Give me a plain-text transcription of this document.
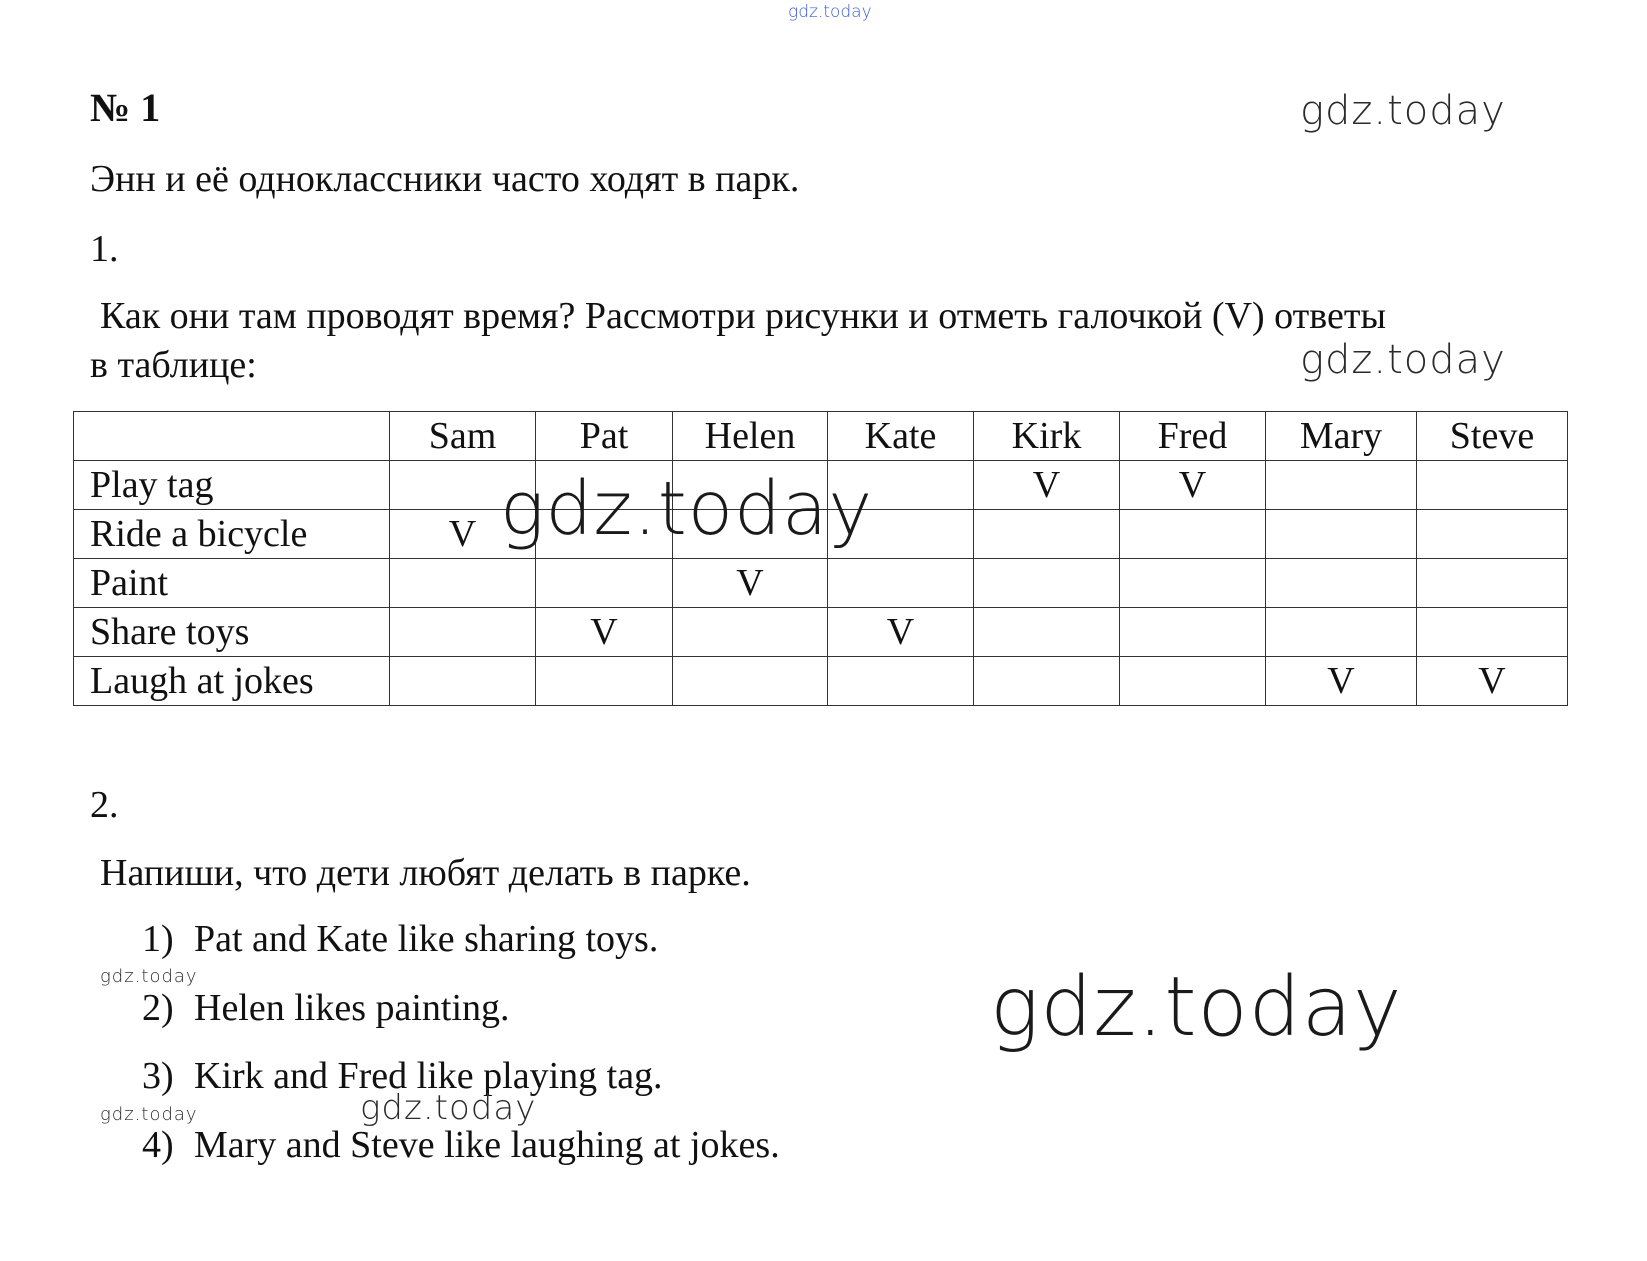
gdz.today
gdz.today
gdz.today
№ 1
Энн и её одноклассники часто ходят в парк.
1.
Как они там проводят время? Рассмотри рисунки и отметь галочкой (V) ответы
в таблице:
	Sam	Pat	Helen	Kate	Kirk	Fred	Mary	Steve
Play tag					V	V		
Ride a bicycle	V							
Paint			V					
Share toys		V		V				
Laugh at jokes							V	V
gdz.today
2.
Напиши, что дети любят делать в парке.
1) Pat and Kate like sharing toys.
gdz.today
2) Helen likes painting.
3) Kirk and Fred like playing tag.
gdz.today	gdz.today
4) Mary and Steve like laughing at jokes.
gdz.today
